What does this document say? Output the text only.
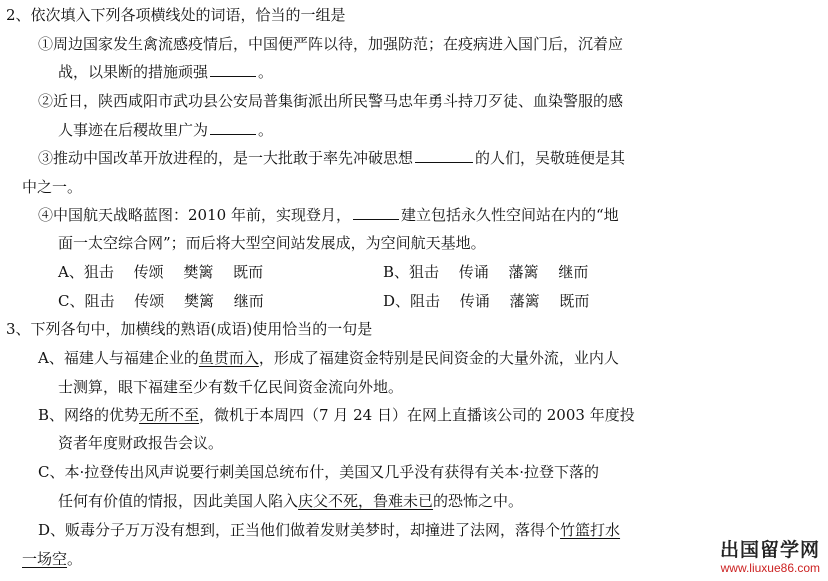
2、依次填入下列各项横线处的词语，恰当的一组是
①周边国家发生禽流感疫情后，中国便严阵以待，加强防范；在疫病进入国门后，沉着应
战，以果断的措施顽强	。
②近日，陕西咸阳市武功县公安局普集街派出所民警马忠年勇斗持刀歹徒、血染警服的感
人事迹在后稷故里广为	。
③推动中国改革开放进程的，是一大批敢于率先冲破思想	的人们，吴敬琏便是其
中之一。
④中国航天战略蓝图：2010 年前，实现登月，	建立包括永久性空间站在内的“地
面一太空综合网”；而后将大型空间站发展成，为空间航天基地。
A、狙击　 传颂　 樊篱　 既而	B、狙击　 传诵　 藩篱　 继而
C、阻击　 传颂　 樊篱　 继而	D、阻击　 传诵　 藩篱　 既而
3、下列各句中，加横线的熟语(成语)使用恰当的一句是
A、福建人与福建企业的鱼贯而入，形成了福建资金特别是民间资金的大量外流，业内人
士测算，眼下福建至少有数千亿民间资金流向外地。
B、网络的优势无所不至，微机于本周四（7 月 24 日）在网上直播该公司的 2003 年度投
资者年度财政报告会议。
C、本·拉登传出风声说要行刺美国总统布什，美国又几乎没有获得有关本·拉登下落的
任何有价值的情报，因此美国人陷入庆父不死，鲁难未已的恐怖之中。
D、贩毒分子万万没有想到，正当他们做着发财美梦时，却撞进了法网，落得个竹篮打水
一场空。	出国留学网
www.liuxue86.com
